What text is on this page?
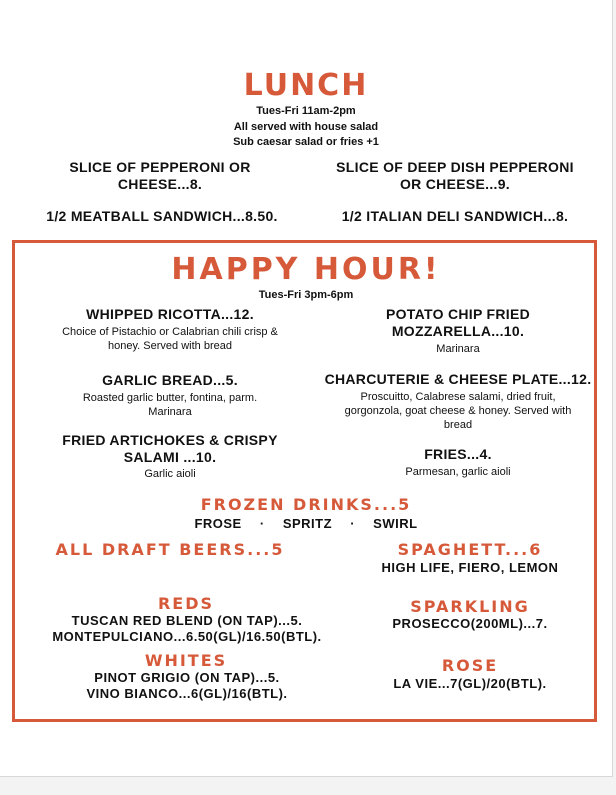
LUNCH
Tues-Fri 11am-2pm
All served with house salad
Sub caesar salad or fries +1
SLICE OF PEPPERONI OR
CHEESE...8.
SLICE OF DEEP DISH PEPPERONI
OR CHEESE...9.
1/2 MEATBALL SANDWICH...8.50.	1/2 ITALIAN DELI SANDWICH...8.
HAPPY HOUR!
Tues-Fri 3pm-6pm
WHIPPED RICOTTA...12.
Choice of Pistachio or Calabrian chili crisp &
honey. Served with bread
GARLIC BREAD...5.
Roasted garlic butter, fontina, parm.
Marinara
FRIED ARTICHOKES & CRISPY
SALAMI ...10.
Garlic aioli
POTATO CHIP FRIED
MOZZARELLA...10.
Marinara
CHARCUTERIE & CHEESE PLATE...12.
Proscuitto, Calabrese salami, dried fruit,
gorgonzola, goat cheese & honey. Served with
bread
FRIES...4.
Parmesan, garlic aioli
FROZEN DRINKS...5
FROSE · SPRITZ · SWIRL
ALL DRAFT BEERS...5	SPAGHETT...6
HIGH LIFE, FIERO, LEMON
REDS
TUSCAN RED BLEND (ON TAP)...5.
MONTEPULCIANO...6.50(GL)/16.50(BTL).
SPARKLING
PROSECCO(200ML)...7.
WHITES
PINOT GRIGIO (ON TAP)...5.
VINO BIANCO...6(GL)/16(BTL).
ROSE
LA VIE...7(GL)/20(BTL).
